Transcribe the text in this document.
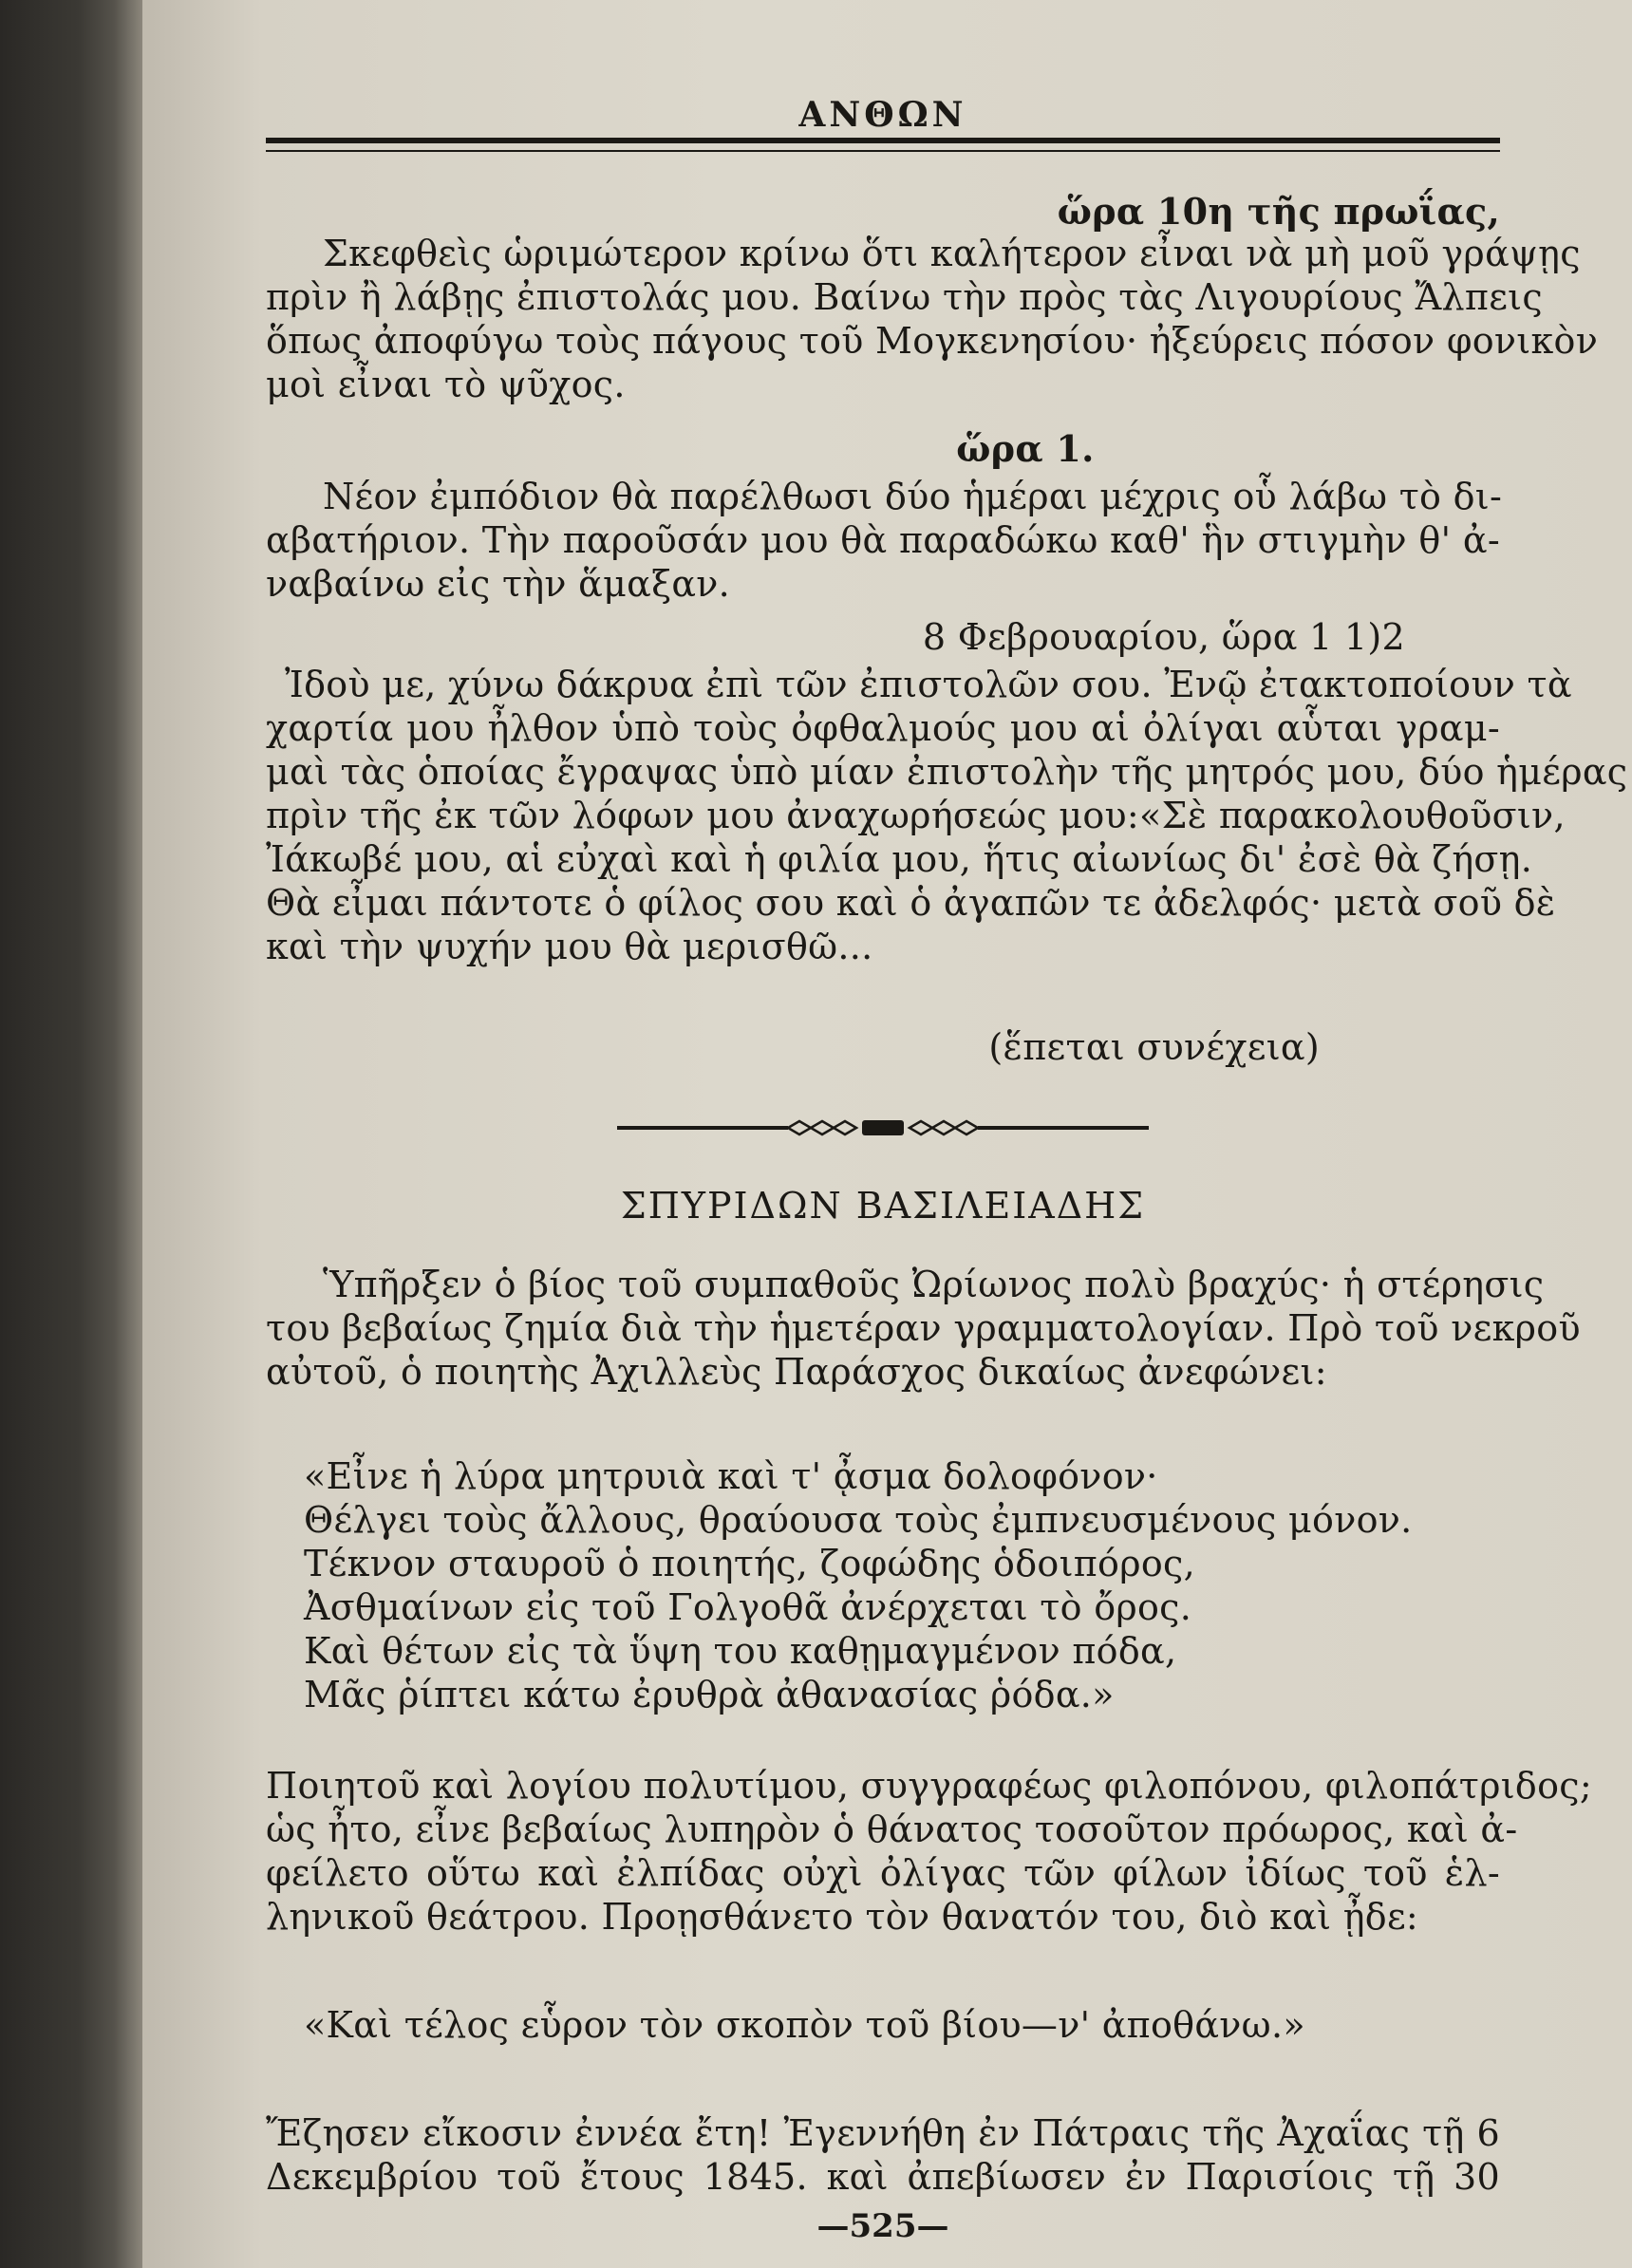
ΑΝΘΩΝ
ὥρα 10η τῆς πρωΐας,
Σκεφθεὶς ὡριμώτερον κρίνω ὅτι καλήτερον εἶναι νὰ μὴ μοῦ γράψῃς
πρὶν ἢ λάβῃς ἐπιστολάς μου. Βαίνω τὴν πρὸς τὰς Λιγουρίους Ἄλπεις
ὅπως ἀποφύγω τοὺς πάγους τοῦ Μογκενησίου· ἠξεύρεις πόσον φονικὸν
μοὶ εἶναι τὸ ψῦχος.
ὥρα 1.
Νέον ἐμπόδιον θὰ παρέλθωσι δύο ἡμέραι μέχρις οὗ λάβω τὸ δι-
αβατήριον. Τὴν παροῦσάν μου θὰ παραδώκω καθ' ἣν στιγμὴν θ' ἀ-
ναβαίνω εἰς τὴν ἅμαξαν.
8 Φεβρουαρίου, ὥρα 1 1)2
Ἰδοὺ με, χύνω δάκρυα ἐπὶ τῶν ἐπιστολῶν σου. Ἐνῷ ἐτακτοποίουν τὰ
χαρτία μου ἦλθον ὑπὸ τοὺς ὀφθαλμούς μου αἱ ὀλίγαι αὗται γραμ-
μαὶ τὰς ὁποίας ἔγραψας ὑπὸ μίαν ἐπιστολὴν τῆς μητρός μου, δύο ἡμέρας
πρὶν τῆς ἐκ τῶν λόφων μου ἀναχωρήσεώς μου:«Σὲ παρακολουθοῦσιν,
Ἰάκωβέ μου, αἱ εὐχαὶ καὶ ἡ φιλία μου, ἥτις αἰωνίως δι' ἐσὲ θὰ ζήσῃ.
Θὰ εἶμαι πάντοτε ὁ φίλος σου καὶ ὁ ἀγαπῶν τε ἀδελφός· μετὰ σοῦ δὲ
καὶ τὴν ψυχήν μου θὰ μερισθῶ...
(ἕπεται συνέχεια)
ΣΠΥΡΙΔΩΝ ΒΑΣΙΛΕΙΑΔΗΣ
Ὑπῆρξεν ὁ βίος τοῦ συμπαθοῦς Ὠρίωνος πολὺ βραχύς· ἡ στέρησις
του βεβαίως ζημία διὰ τὴν ἡμετέραν γραμματολογίαν. Πρὸ τοῦ νεκροῦ
αὐτοῦ, ὁ ποιητὴς Ἀχιλλεὺς Παράσχος δικαίως ἀνεφώνει:
«Εἶνε ἡ λύρα μητρυιὰ καὶ τ' ᾆσμα δολοφόνον·
Θέλγει τοὺς ἄλλους, θραύουσα τοὺς ἐμπνευσμένους μόνον.
Τέκνον σταυροῦ ὁ ποιητής, ζοφώδης ὁδοιπόρος,
Ἀσθμαίνων εἰς τοῦ Γολγοθᾶ ἀνέρχεται τὸ ὄρος.
Καὶ θέτων εἰς τὰ ὕψη του καθῃμαγμένον πόδα,
Μᾶς ῥίπτει κάτω ἐρυθρὰ ἀθανασίας ῥόδα.»
Ποιητοῦ καὶ λογίου πολυτίμου, συγγραφέως φιλοπόνου, φιλοπάτριδος;
ὡς ἦτο, εἶνε βεβαίως λυπηρὸν ὁ θάνατος τοσοῦτον πρόωρος, καὶ ἀ-
φείλετο οὕτω καὶ ἐλπίδας οὐχὶ ὀλίγας τῶν φίλων ἰδίως τοῦ ἑλ-
ληνικοῦ θεάτρου. Προῃσθάνετο τὸν θανατόν του, διὸ καὶ ᾖδε:
«Καὶ τέλος εὗρον τὸν σκοπὸν τοῦ βίου—ν' ἀποθάνω.»
Ἔζησεν εἴκοσιν ἐννέα ἔτη! Ἐγεννήθη ἐν Πάτραις τῆς Ἀχαΐας τῇ 6
Δεκεμβρίου τοῦ ἔτους 1845. καὶ ἀπεβίωσεν ἐν Παρισίοις τῇ 30
—525—
